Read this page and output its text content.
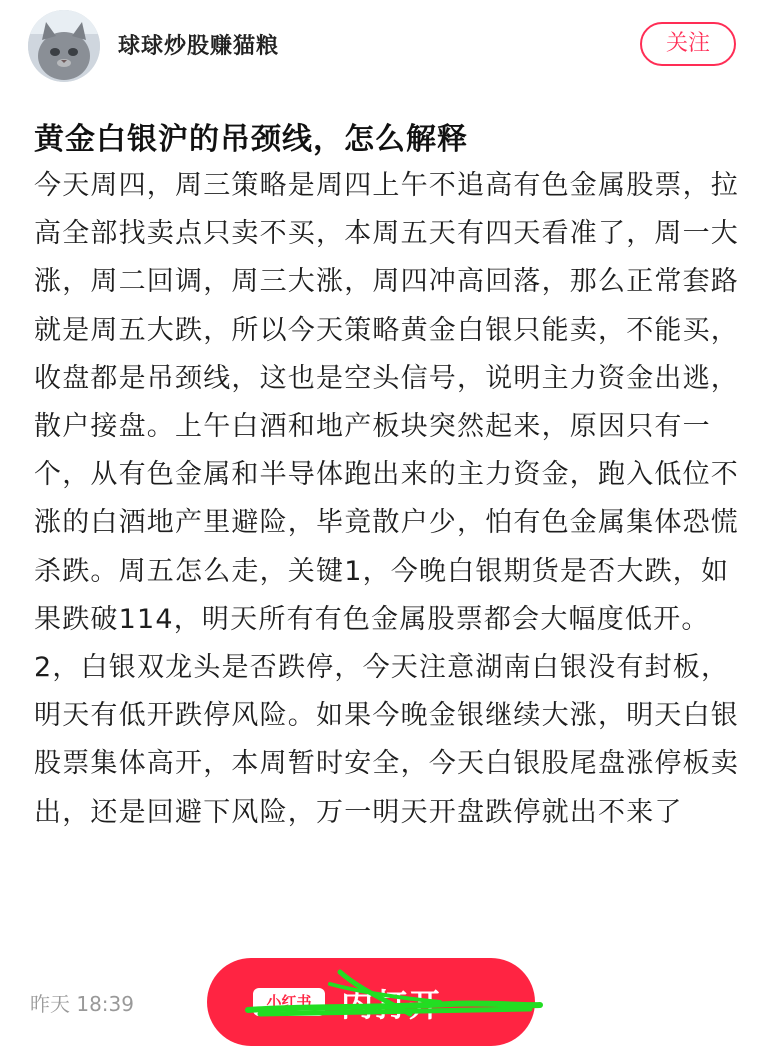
球球炒股赚猫粮	关注
黄金白银沪的吊颈线，怎么解释
今天周四，周三策略是周四上午不追高有色金属股票，拉高全部找卖点只卖不买，本周五天有四天看准了，周一大涨，周二回调，周三大涨，周四冲高回落，那么正常套路就是周五大跌，所以今天策略黄金白银只能卖，不能买，收盘都是吊颈线，这也是空头信号，说明主力资金出逃，散户接盘。上午白酒和地产板块突然起来，原因只有一个，从有色金属和半导体跑出来的主力资金，跑入低位不涨的白酒地产里避险，毕竟散户少，怕有色金属集体恐慌杀跌。周五怎么走，关键1，今晚白银期货是否大跌，如果跌破114，明天所有有色金属股票都会大幅度低开。2，白银双龙头是否跌停，今天注意湖南白银没有封板，明天有低开跌停风险。如果今晚金银继续大涨，明天白银股票集体高开，本周暂时安全，今天白银股尾盘涨停板卖出，还是回避下风险，万一明天开盘跌停就出不来了
昨天 18:39	小红书 内打开
